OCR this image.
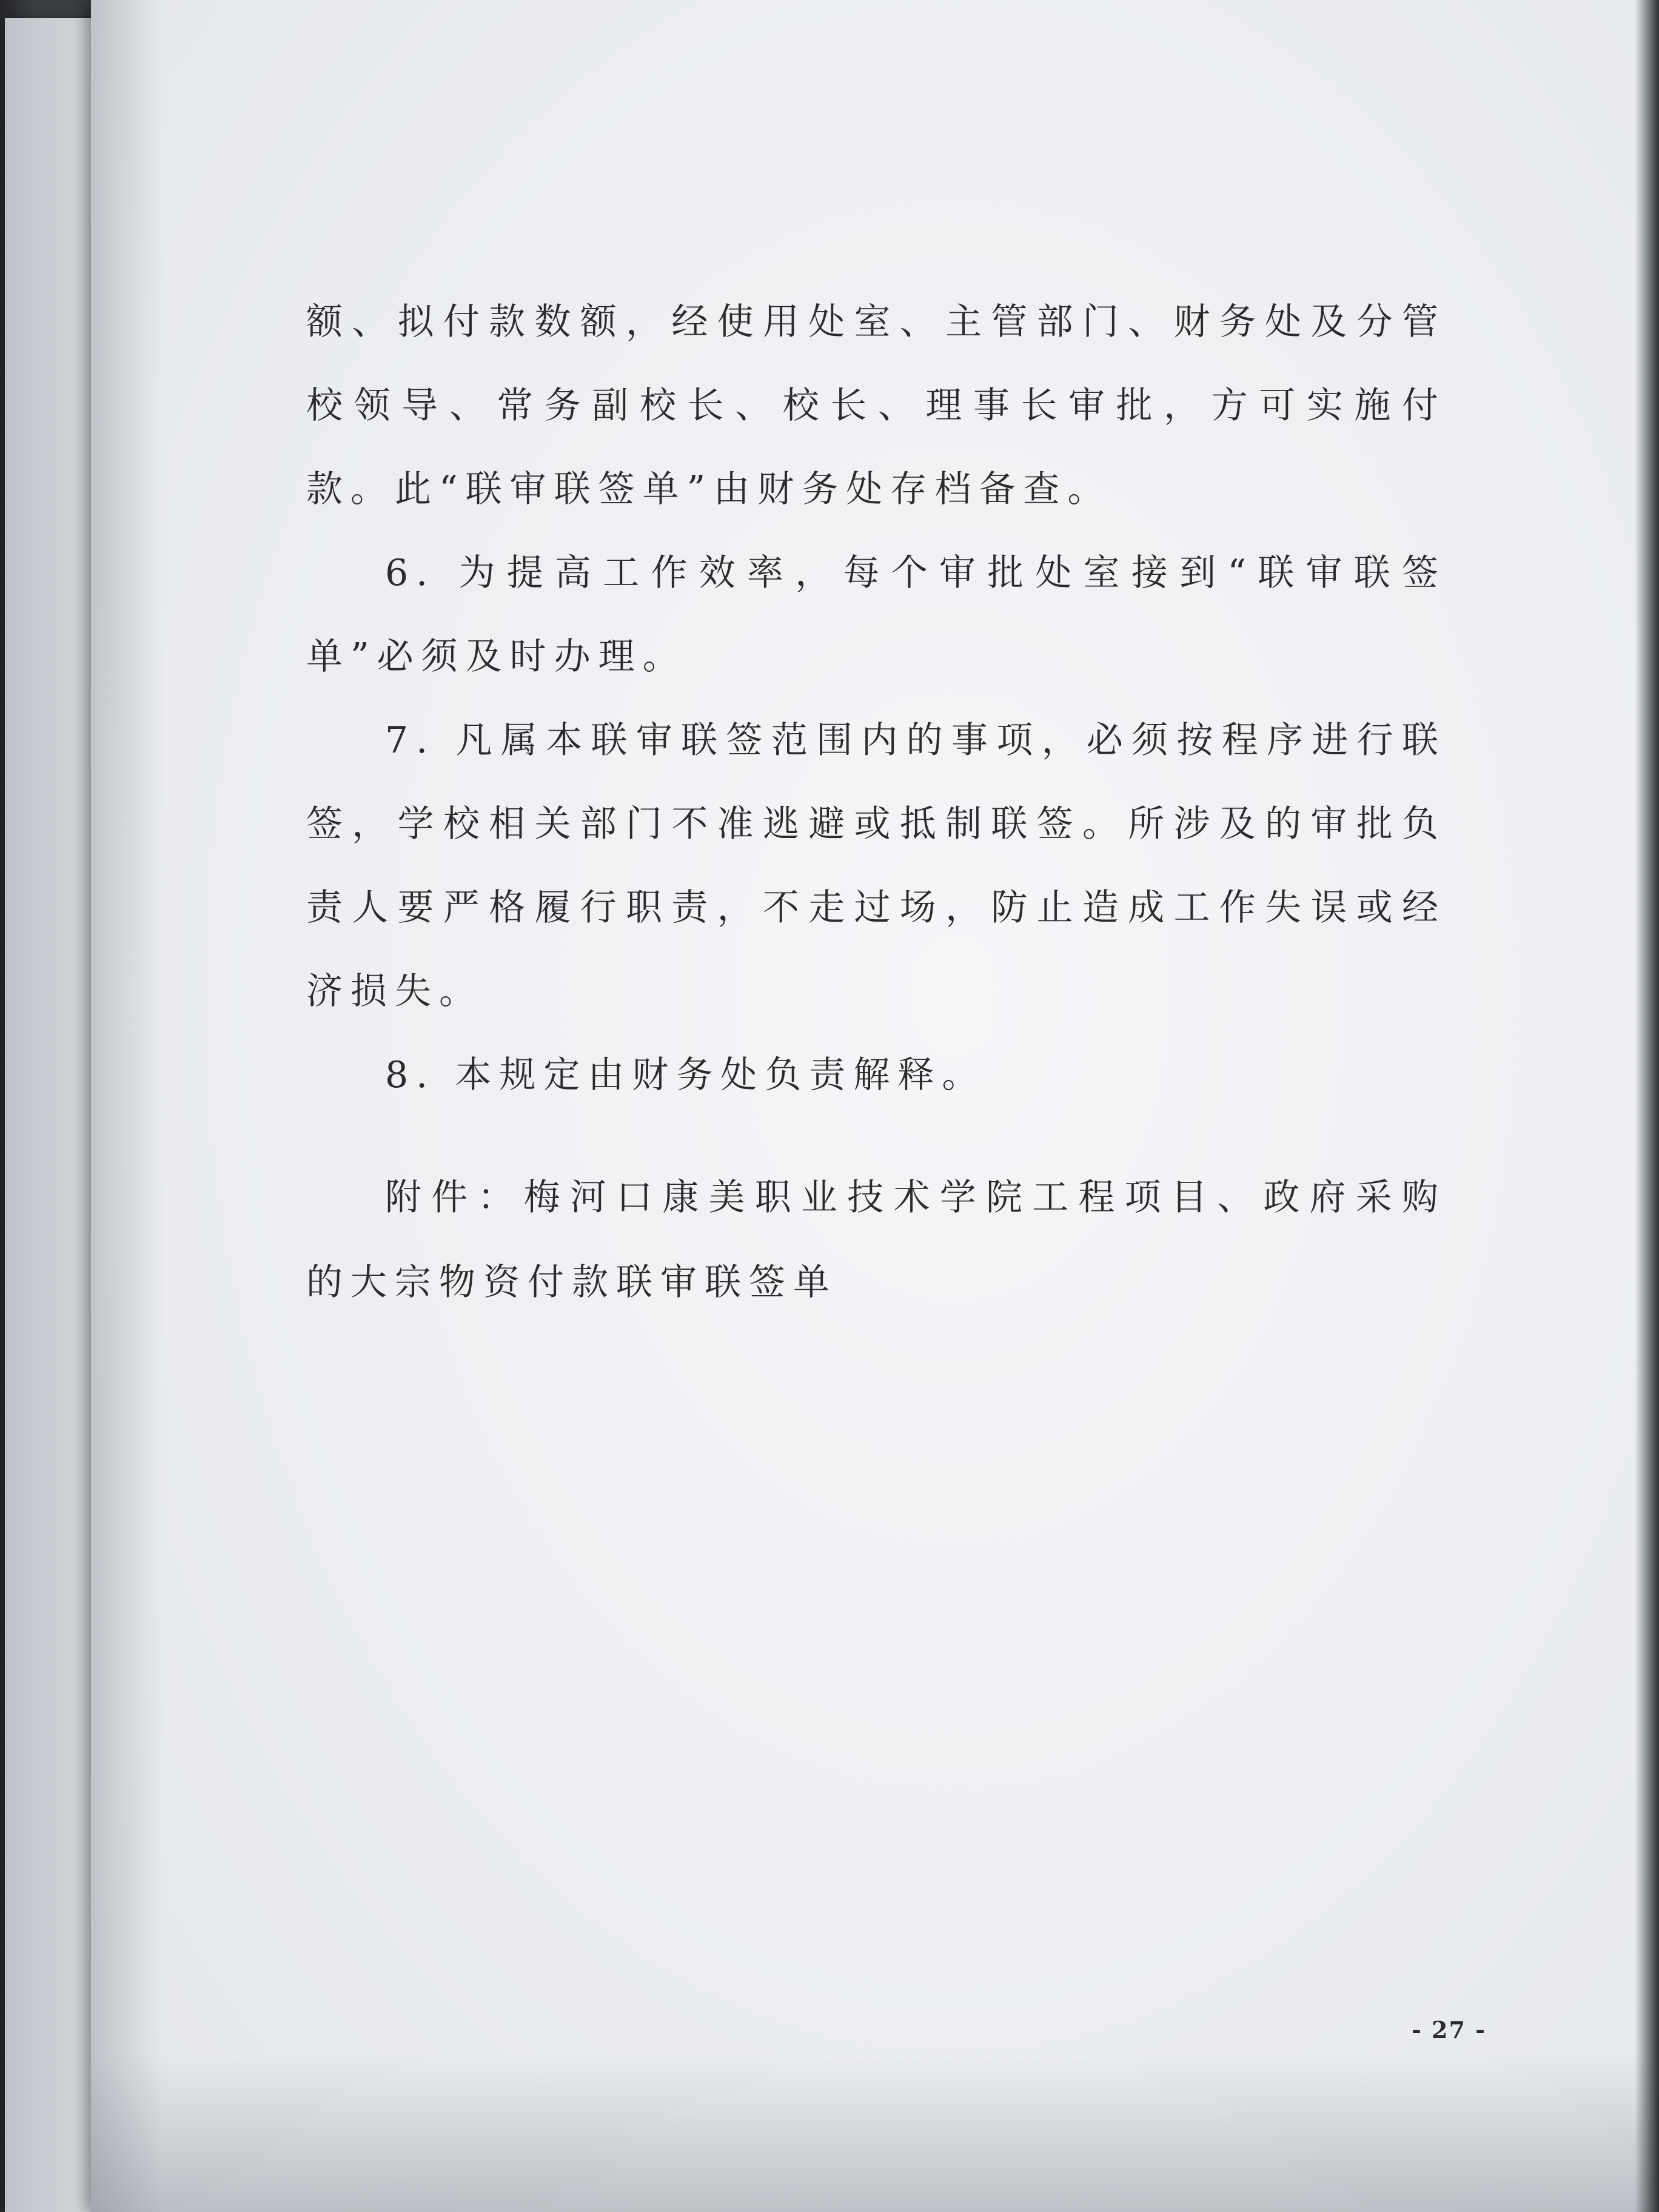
额、拟付款数额，经使用处室、主管部门、财务处及分管校领导、常务副校长、校长、理事长审批，方可实施付款。此“联审联签单”由财务处存档备查。

6. 为提高工作效率，每个审批处室接到“联审联签单”必须及时办理。

7. 凡属本联审联签范围内的事项，必须按程序进行联签，学校相关部门不准逃避或抵制联签。所涉及的审批负责人要严格履行职责，不走过场，防止造成工作失误或经济损失。

8. 本规定由财务处负责解释。

附件：梅河口康美职业技术学院工程项目、政府采购的大宗物资付款联审联签单

- 27 -
